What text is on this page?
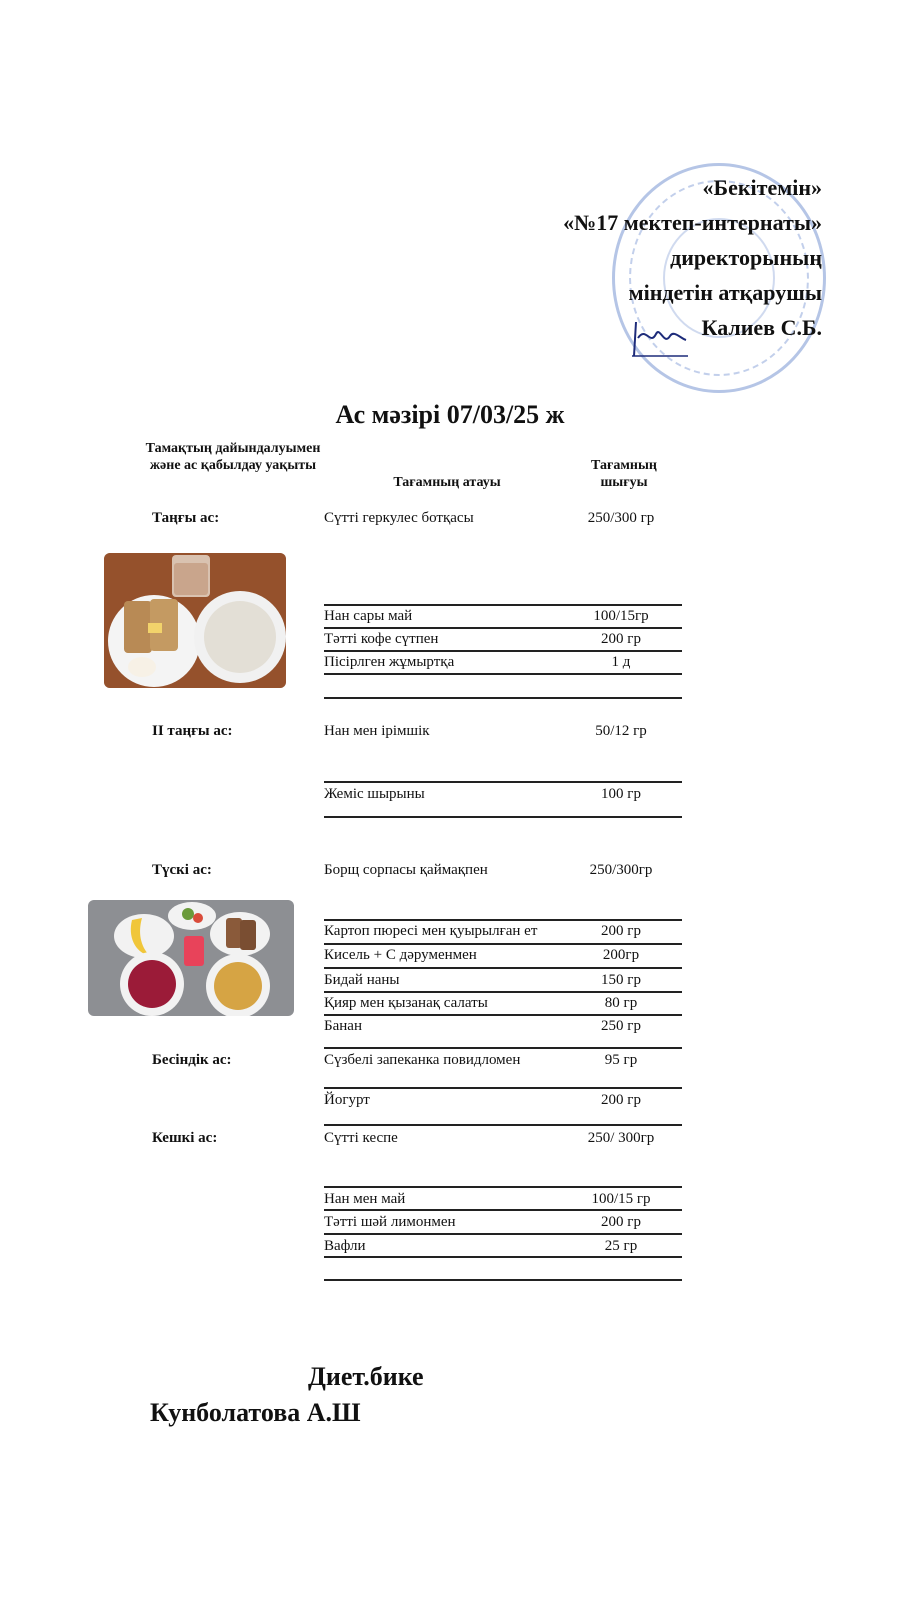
«Бекітемін»
«№17 мектеп-интернаты»
директорының
міндетін атқарушы
Калиев С.Б.
Ас мәзірі 07/03/25 ж
Тамақтың дайындалуымен және ас қабылдау уақыты
Тағамның атауы
Тағамның шығуы
Таңғы ас:
ІІ таңғы ас:
Түскі ас:
Бесіндік ас:
Кешкі ас:
Сүтті геркулес ботқасы
Нан сары май
Тәтті кофе сүтпен
Пісірлген жұмыртқа
Нан мен ірімшік
Жеміс шырыны
Борщ сорпасы қаймақпен
Картоп пюресі мен қуырылған ет
Кисель + С дәруменмен
Бидай наны
Қияр мен қызанақ салаты
Банан
Сүзбелі запеканка повидломен
Йогурт
Сүтті кеспе
Нан мен май
Тәтті шәй лимонмен
Вафли
250/300 гр
100/15гр
200 гр
1 д
50/12 гр
100 гр
250/300гр
200 гр
200гр
150 гр
80 гр
250 гр
95 гр
200 гр
250/ 300гр
100/15 гр
200 гр
25 гр
Диет.бике
Кунболатова А.Ш
